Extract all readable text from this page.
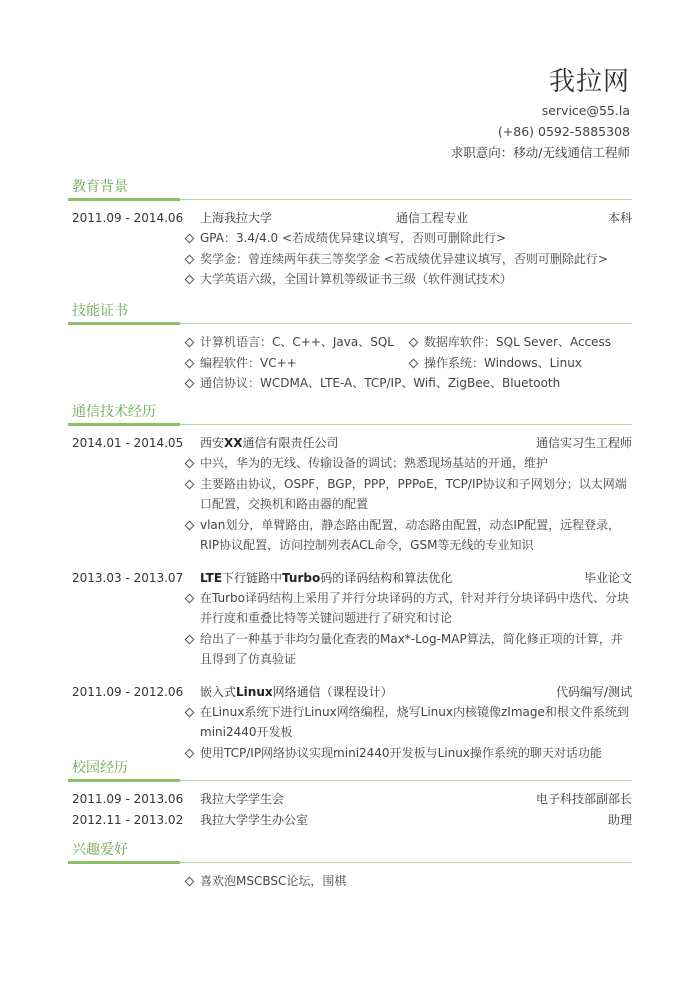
我拉网
service@55.la
(+86) 0592-5885308
求职意向：移动/无线通信工程师
教育背景
2011.09 - 2014.06	上海我拉大学	通信工程专业	本科
GPA：3.4/4.0 <若成绩优异建议填写，否则可删除此行>
奖学金：曾连续两年获三等奖学金 <若成绩优异建议填写，否则可删除此行>
大学英语六级，全国计算机等级证书三级（软件测试技术）
技能证书
计算机语言：C、C++、Java、SQL	数据库软件：SQL Sever、Access
编程软件：VC++	操作系统：Windows、Linux
通信协议：WCDMA、LTE-A、TCP/IP、Wifi、ZigBee、Bluetooth
通信技术经历
2014.01 - 2014.05	西安XX通信有限责任公司	通信实习生工程师
中兴，华为的无线、传输设备的调试；熟悉现场基站的开通，维护
主要路由协议，OSPF，BGP，PPP，PPPoE，TCP/IP协议和子网划分；以太网端口配置，交换机和路由器的配置
vlan划分，单臂路由，静态路由配置，动态路由配置，动态IP配置，远程登录，RIP协议配置，访问控制列表ACL命令，GSM等无线的专业知识
2013.03 - 2013.07	LTE下行链路中Turbo码的译码结构和算法优化	毕业论文
在Turbo译码结构上采用了并行分块译码的方式，针对并行分块译码中迭代、分块并行度和重叠比特等关键问题进行了研究和讨论
给出了一种基于非均匀量化查表的Max*-Log-MAP算法，简化修正项的计算，并且得到了仿真验证
2011.09 - 2012.06	嵌入式Linux网络通信（课程设计）	代码编写/测试
在Linux系统下进行Linux网络编程，烧写Linux内核镜像zImage和根文件系统到mini2440开发板
使用TCP/IP网络协议实现mini2440开发板与Linux操作系统的聊天对话功能
校园经历
2011.09 - 2013.06	我拉大学学生会	电子科技部副部长
2012.11 - 2013.02	我拉大学学生办公室	助理
兴趣爱好
喜欢泡MSCBSC论坛，围棋
